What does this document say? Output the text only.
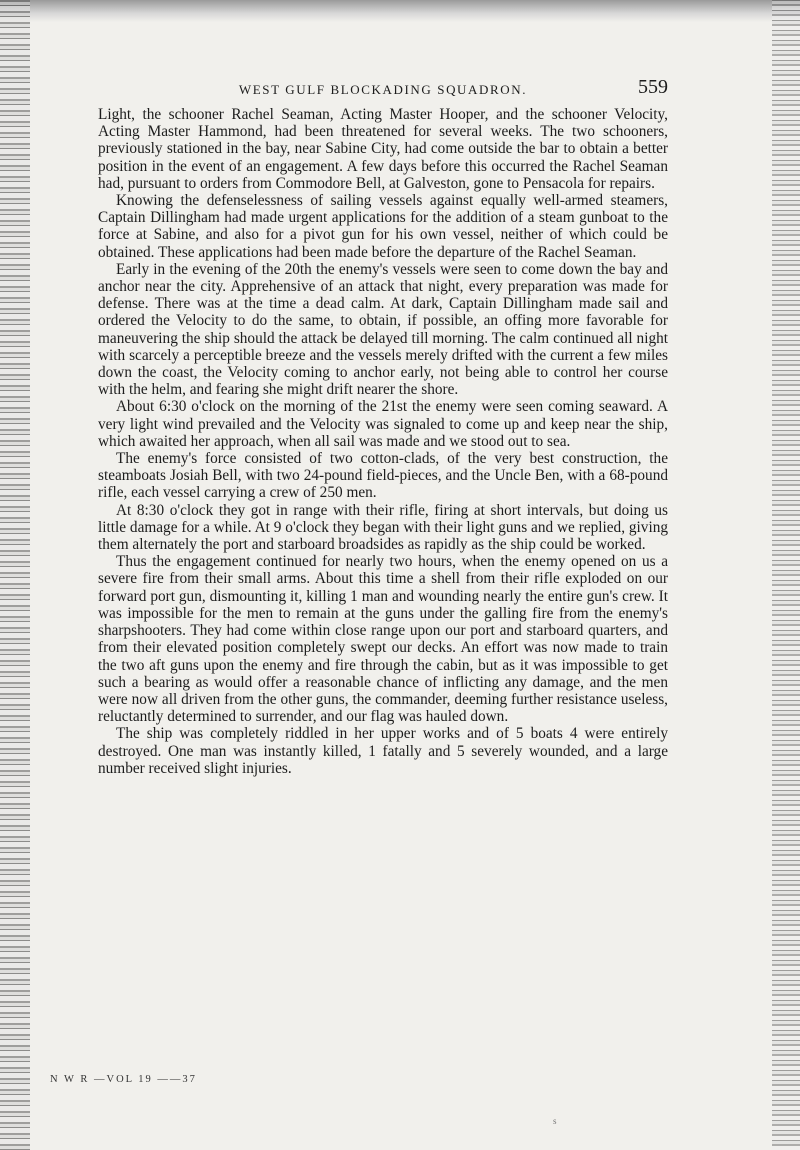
WEST GULF BLOCKADING SQUADRON.	559

Light, the schooner Rachel Seaman, Acting Master Hooper, and the schooner Velocity, Acting Master Hammond, had been threatened for several weeks. The two schooners, previously stationed in the bay, near Sabine City, had come outside the bar to obtain a better position in the event of an engagement. A few days before this occurred the Rachel Seaman had, pursuant to orders from Commodore Bell, at Galveston, gone to Pensacola for repairs.

Knowing the defenselessness of sailing vessels against equally well-armed steamers, Captain Dillingham had made urgent applications for the addition of a steam gunboat to the force at Sabine, and also for a pivot gun for his own vessel, neither of which could be obtained. These applications had been made before the departure of the Rachel Seaman.

Early in the evening of the 20th the enemy's vessels were seen to come down the bay and anchor near the city. Apprehensive of an attack that night, every preparation was made for defense. There was at the time a dead calm. At dark, Captain Dillingham made sail and ordered the Velocity to do the same, to obtain, if possible, an offing more favorable for maneuvering the ship should the attack be delayed till morning. The calm continued all night with scarcely a perceptible breeze and the vessels merely drifted with the current a few miles down the coast, the Velocity coming to anchor early, not being able to control her course with the helm, and fearing she might drift nearer the shore.

About 6:30 o'clock on the morning of the 21st the enemy were seen coming seaward. A very light wind prevailed and the Velocity was signaled to come up and keep near the ship, which awaited her approach, when all sail was made and we stood out to sea.

The enemy's force consisted of two cotton-clads, of the very best construction, the steamboats Josiah Bell, with two 24-pound field-pieces, and the Uncle Ben, with a 68-pound rifle, each vessel carrying a crew of 250 men.

At 8:30 o'clock they got in range with their rifle, firing at short intervals, but doing us little damage for a while. At 9 o'clock they began with their light guns and we replied, giving them alternately the port and starboard broadsides as rapidly as the ship could be worked.

Thus the engagement continued for nearly two hours, when the enemy opened on us a severe fire from their small arms. About this time a shell from their rifle exploded on our forward port gun, dismounting it, killing 1 man and wounding nearly the entire gun's crew. It was impossible for the men to remain at the guns under the galling fire from the enemy's sharpshooters. They had come within close range upon our port and starboard quarters, and from their elevated position completely swept our decks. An effort was now made to train the two aft guns upon the enemy and fire through the cabin, but as it was impossible to get such a bearing as would offer a reasonable chance of inflicting any damage, and the men were now all driven from the other guns, the commander, deeming further resistance useless, reluctantly determined to surrender, and our flag was hauled down.

The ship was completely riddled in her upper works and of 5 boats 4 were entirely destroyed. One man was instantly killed, 1 fatally and 5 severely wounded, and a large number received slight injuries.

N W R —VOL 19 ——37
s
